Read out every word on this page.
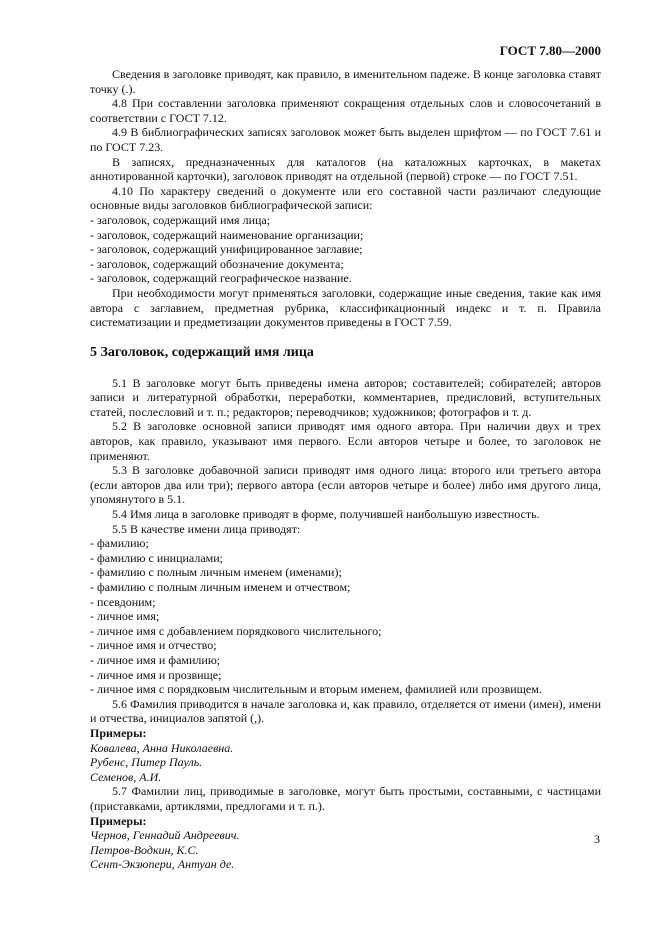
ГОСТ 7.80—2000

Сведения в заголовке приводят, как правило, в именительном падеже. В конце заголовка ставят точку (.).

4.8 При составлении заголовка применяют сокращения отдельных слов и словосочетаний в соответствии с ГОСТ 7.12.

4.9 В библиографических записях заголовок может быть выделен шрифтом — по ГОСТ 7.61 и по ГОСТ 7.23.

В записях, предназначенных для каталогов (на каталожных карточках, в макетах аннотированной карточки), заголовок приводят на отдельной (первой) строке — по ГОСТ 7.51.

4.10 По характеру сведений о документе или его составной части различают следующие основные виды заголовков библиографической записи:

- заголовок, содержащий имя лица;

- заголовок, содержащий наименование организации;

- заголовок, содержащий унифицированное заглавие;

- заголовок, содержащий обозначение документа;

- заголовок, содержащий географическое название.

При необходимости могут применяться заголовки, содержащие иные сведения, такие как имя автора с заглавием, предметная рубрика, классификационный индекс и т. п. Правила систематизации и предметизации документов приведены в ГОСТ 7.59.

5 Заголовок, содержащий имя лица

5.1 В заголовке могут быть приведены имена авторов; составителей; собирателей; авторов записи и литературной обработки, переработки, комментариев, предисловий, вступительных статей, послесловий и т. п.; редакторов; переводчиков; художников; фотографов и т. д.

5.2 В заголовке основной записи приводят имя одного автора. При наличии двух и трех авторов, как правило, указывают имя первого. Если авторов четыре и более, то заголовок не применяют.

5.3 В заголовке добавочной записи приводят имя одного лица: второго или третьего автора (если авторов два или три); первого автора (если авторов четыре и более) либо имя другого лица, упомянутого в 5.1.

5.4 Имя лица в заголовке приводят в форме, получившей наибольшую известность.

5.5 В качестве имени лица приводят:

- фамилию;

- фамилию с инициалами;

- фамилию с полным личным именем (именами);

- фамилию с полным личным именем и отчеством;

- псевдоним;

- личное имя;

- личное имя с добавлением порядкового числительного;

- личное имя и отчество;

- личное имя и фамилию;

- личное имя и прозвище;

- личное имя с порядковым числительным и вторым именем, фамилией или прозвищем.

5.6 Фамилия приводится в начале заголовка и, как правило, отделяется от имени (имен), имени и отчества, инициалов запятой (,).

Примеры:

Ковалева, Анна Николаевна.

Рубенс, Питер Пауль.

Семенов, А.И.

5.7 Фамилии лиц, приводимые в заголовке, могут быть простыми, составными, с частицами (приставками, артиклями, предлогами и т. п.).

Примеры:

Чернов, Геннадий Андреевич.

Петров-Водкин, К.С.

Сент-Экзюпери, Антуан де.

3
